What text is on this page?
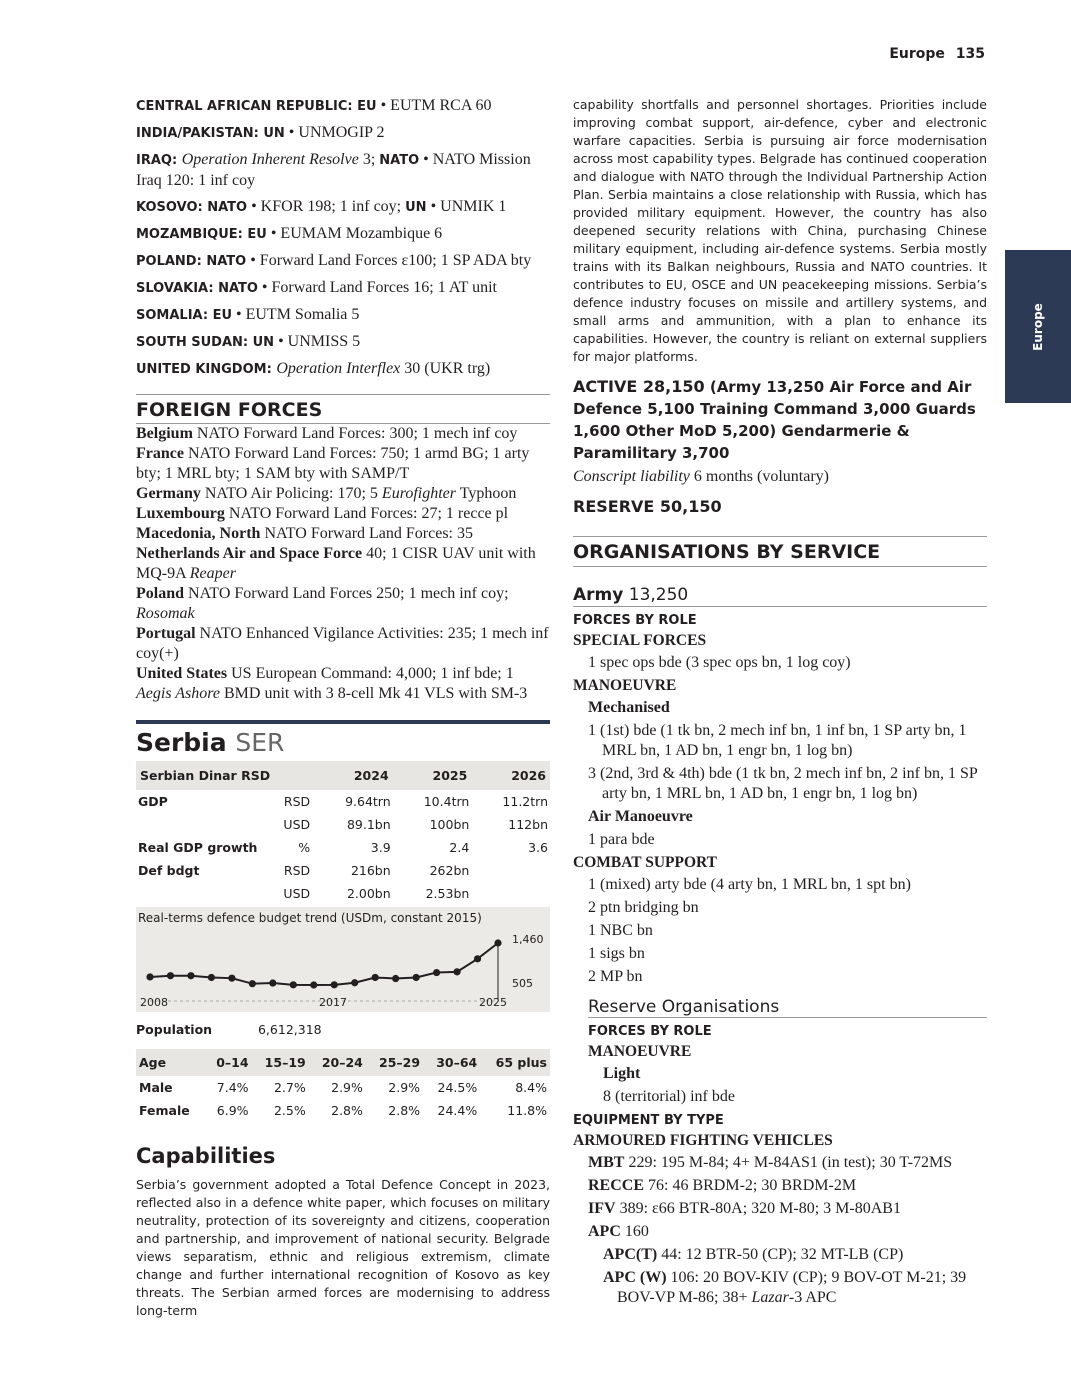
Europe 135
Europe
CENTRAL AFRICAN REPUBLIC: EU • EUTM RCA 60
INDIA/PAKISTAN: UN • UNMOGIP 2
IRAQ: Operation Inherent Resolve 3; NATO • NATO Mission Iraq 120: 1 inf coy
KOSOVO: NATO • KFOR 198; 1 inf coy; UN • UNMIK 1
MOZAMBIQUE: EU • EUMAM Mozambique 6
POLAND: NATO • Forward Land Forces ε100; 1 SP ADA bty
SLOVAKIA: NATO • Forward Land Forces 16; 1 AT unit
SOMALIA: EU • EUTM Somalia 5
SOUTH SUDAN: UN • UNMISS 5
UNITED KINGDOM: Operation Interflex 30 (UKR trg)
FOREIGN FORCES
Belgium NATO Forward Land Forces: 300; 1 mech inf coy
France NATO Forward Land Forces: 750; 1 armd BG; 1 arty bty; 1 MRL bty; 1 SAM bty with SAMP/T
Germany NATO Air Policing: 170; 5 Eurofighter Typhoon
Luxembourg NATO Forward Land Forces: 27; 1 recce pl
Macedonia, North NATO Forward Land Forces: 35
Netherlands Air and Space Force 40; 1 CISR UAV unit with MQ-9A Reaper
Poland NATO Forward Land Forces 250; 1 mech inf coy; Rosomak
Portugal NATO Enhanced Vigilance Activities: 235; 1 mech inf coy(+)
United States US European Command: 4,000; 1 inf bde; 1 Aegis Ashore BMD unit with 3 8-cell Mk 41 VLS with SM-3
Serbia SER
Serbian Dinar RSD		2024	2025	2026
GDP	RSD	9.64trn	10.4trn	11.2trn
	USD	89.1bn	100bn	112bn
Real GDP growth	%	3.9	2.4	3.6
Def bdgt	RSD	216bn	262bn	
	USD	2.00bn	2.53bn	
Real-terms defence budget trend (USDm, constant 2015)
1,460
505
2008	2017	2025
Population	6,612,318
Age	0–14	15–19	20–24	25–29	30–64	65 plus
Male	7.4%	2.7%	2.9%	2.9%	24.5%	8.4%
Female	6.9%	2.5%	2.8%	2.8%	24.4%	11.8%
Capabilities

Serbia’s government adopted a Total Defence Concept in 2023, reflected also in a defence white paper, which focuses on military neutrality, protection of its sovereignty and citizens, cooperation and partnership, and improvement of national security. Belgrade views separatism, ethnic and religious extremism, climate change and further international recognition of Kosovo as key threats. The Serbian armed forces are modernising to address long-term

capability shortfalls and personnel shortages. Priorities include improving combat support, air-defence, cyber and electronic warfare capacities. Serbia is pursuing air force modernisation across most capability types. Belgrade has continued cooperation and dialogue with NATO through the Individual Partnership Action Plan. Serbia maintains a close relationship with Russia, which has provided military equipment. However, the country has also deepened security relations with China, purchasing Chinese military equipment, including air-defence systems. Serbia mostly trains with its Balkan neighbours, Russia and NATO countries. It contributes to EU, OSCE and UN peacekeeping missions. Serbia’s defence industry focuses on missile and artillery systems, and small arms and ammunition, with a plan to enhance its capabilities. However, the country is reliant on external suppliers for major platforms.

ACTIVE 28,150 (Army 13,250 Air Force and Air Defence 5,100 Training Command 3,000 Guards 1,600 Other MoD 5,200) Gendarmerie & Paramilitary 3,700
Conscript liability 6 months (voluntary)
RESERVE 50,150
ORGANISATIONS BY SERVICE
Army 13,250
FORCES BY ROLE
SPECIAL FORCES
1 spec ops bde (3 spec ops bn, 1 log coy)
MANOEUVRE
Mechanised
1 (1st) bde (1 tk bn, 2 mech inf bn, 1 inf bn, 1 SP arty bn, 1 MRL bn, 1 AD bn, 1 engr bn, 1 log bn)
3 (2nd, 3rd & 4th) bde (1 tk bn, 2 mech inf bn, 2 inf bn, 1 SP arty bn, 1 MRL bn, 1 AD bn, 1 engr bn, 1 log bn)
Air Manoeuvre
1 para bde
COMBAT SUPPORT
1 (mixed) arty bde (4 arty bn, 1 MRL bn, 1 spt bn)
2 ptn bridging bn
1 NBC bn
1 sigs bn
2 MP bn
Reserve Organisations
FORCES BY ROLE
MANOEUVRE
Light
8 (territorial) inf bde
EQUIPMENT BY TYPE
ARMOURED FIGHTING VEHICLES
MBT 229: 195 M-84; 4+ M-84AS1 (in test); 30 T-72MS
RECCE 76: 46 BRDM-2; 30 BRDM-2M
IFV 389: ε66 BTR-80A; 320 M-80; 3 M-80AB1
APC 160
APC(T) 44: 12 BTR-50 (CP); 32 MT-LB (CP)
APC (W) 106: 20 BOV-KIV (CP); 9 BOV-OT M-21; 39 BOV-VP M-86; 38+ Lazar-3 APC
